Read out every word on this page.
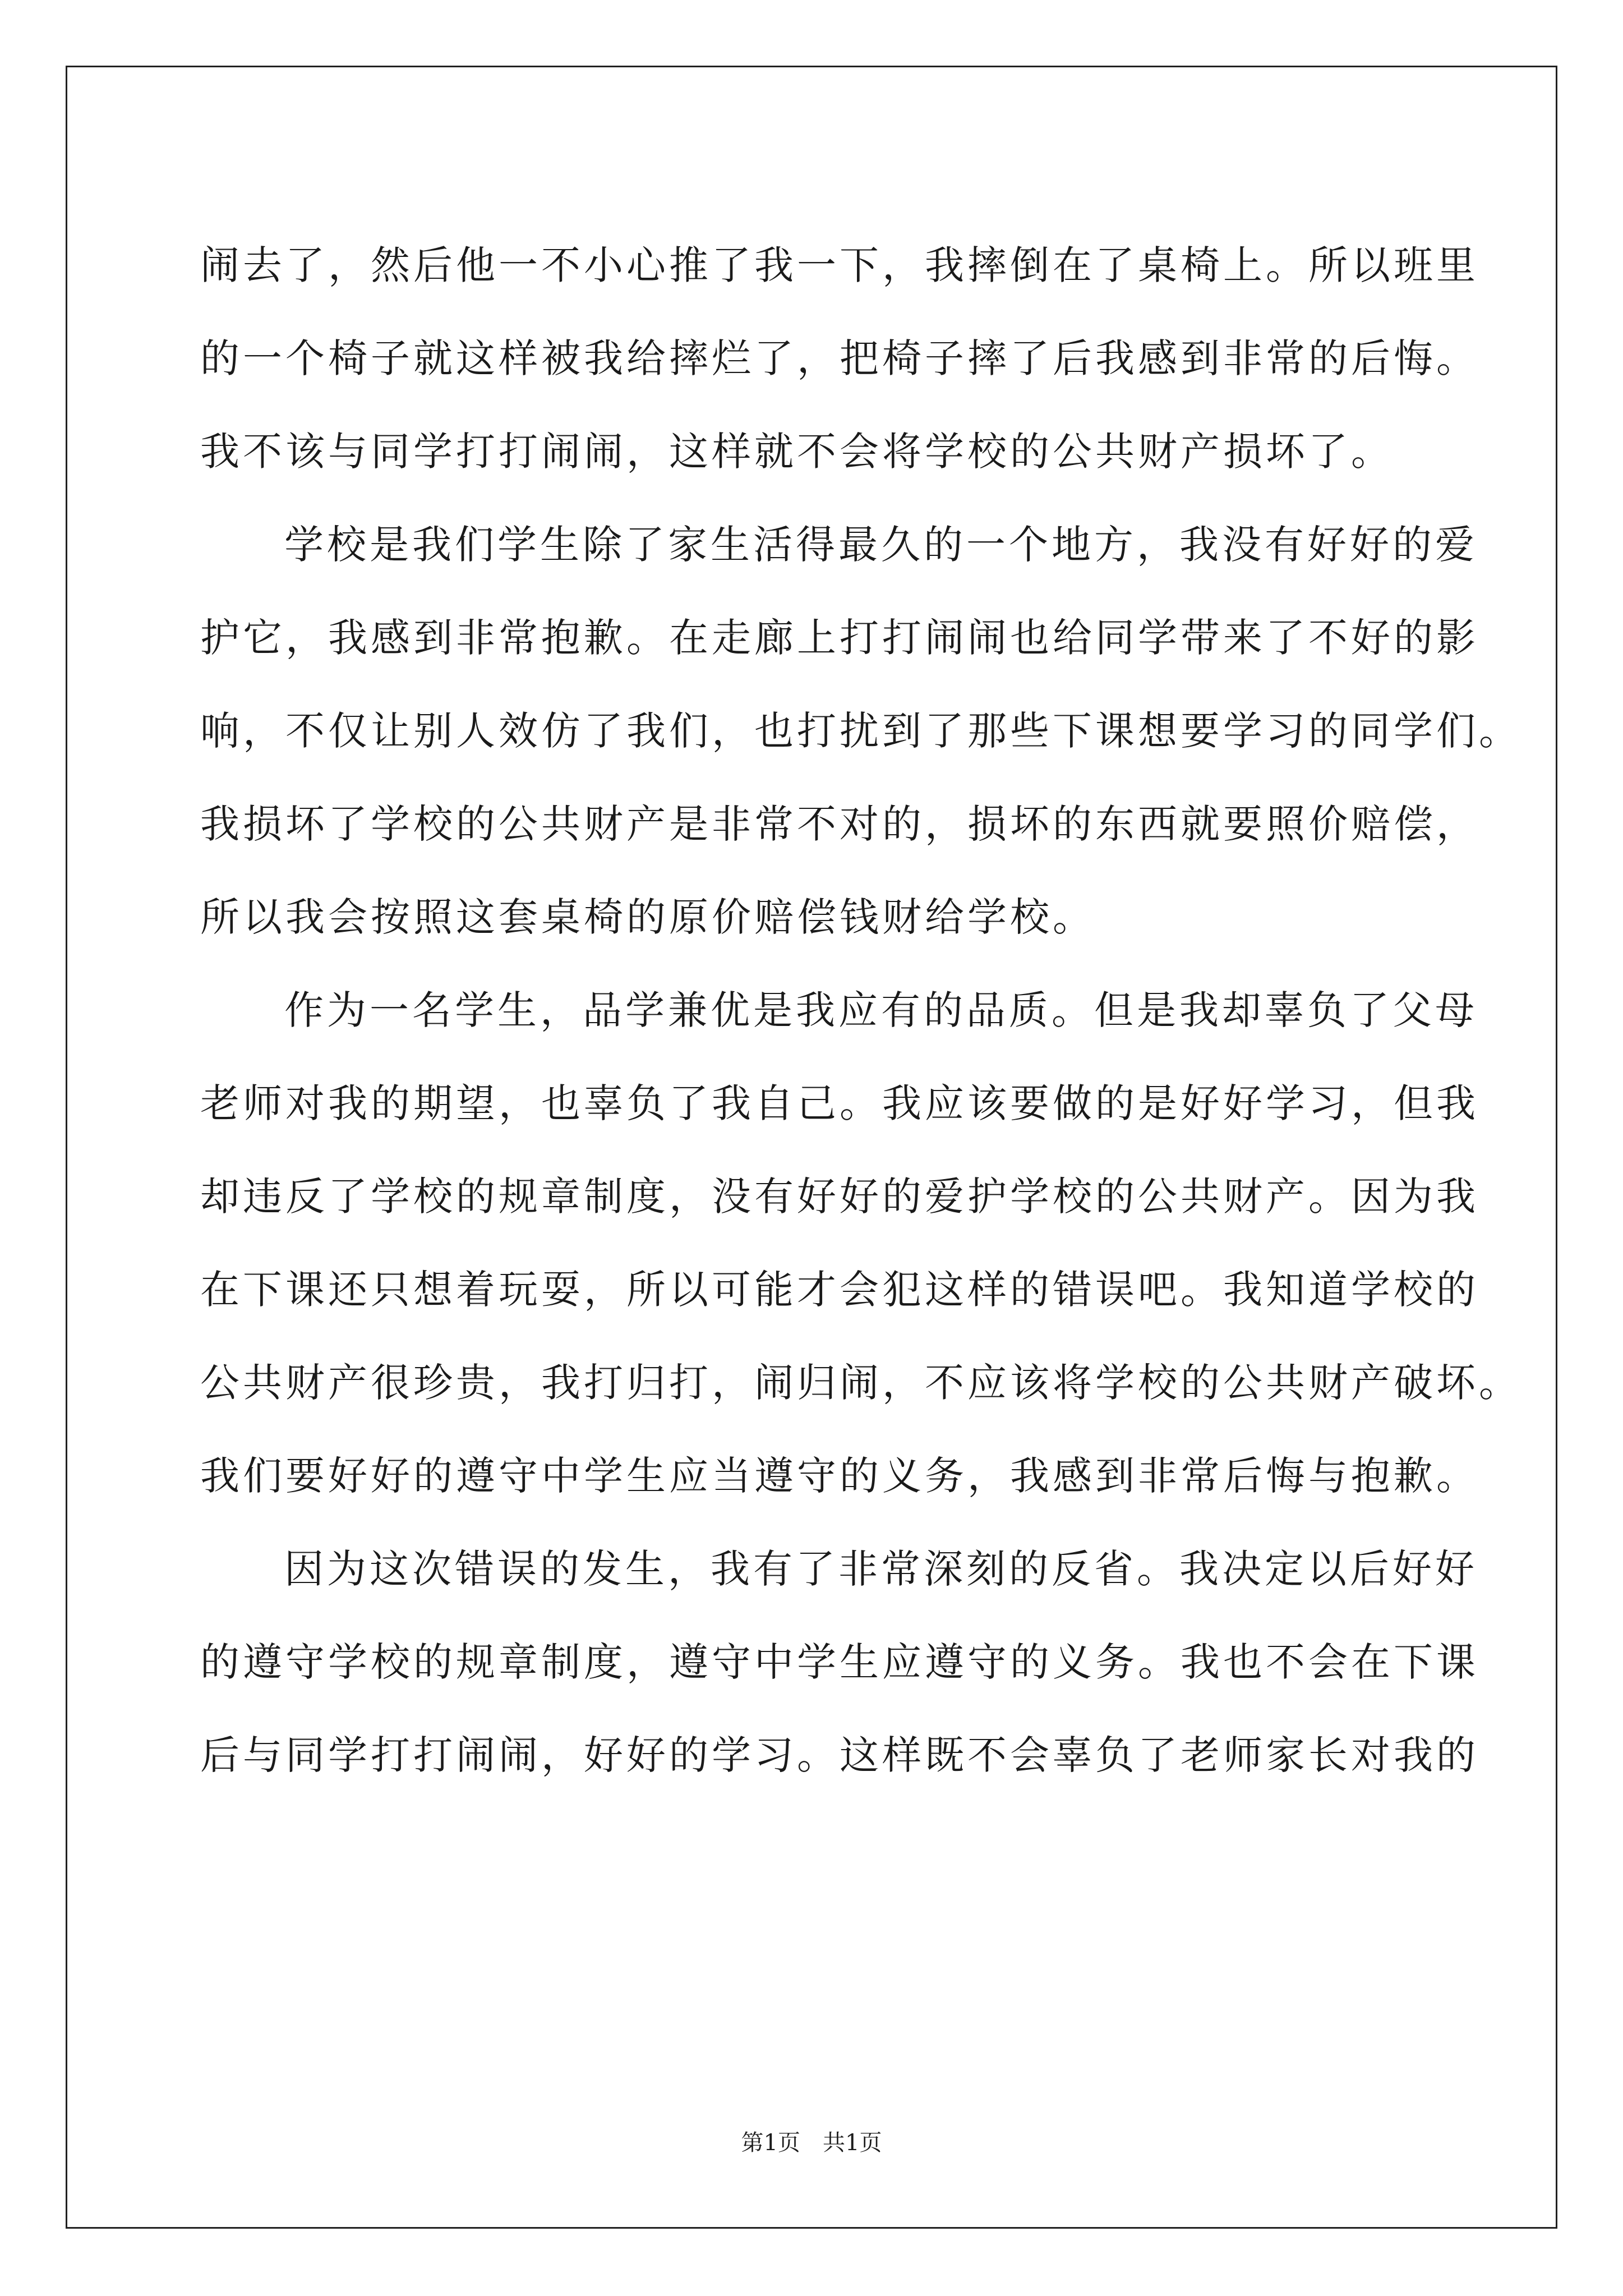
闹去了，然后他一不小心推了我一下，我摔倒在了桌椅上。所以班里
的一个椅子就这样被我给摔烂了，把椅子摔了后我感到非常的后悔。
我不该与同学打打闹闹，这样就不会将学校的公共财产损坏了。
学校是我们学生除了家生活得最久的一个地方，我没有好好的爱
护它，我感到非常抱歉。在走廊上打打闹闹也给同学带来了不好的影
响，不仅让别人效仿了我们，也打扰到了那些下课想要学习的同学们。
我损坏了学校的公共财产是非常不对的，损坏的东西就要照价赔偿，
所以我会按照这套桌椅的原价赔偿钱财给学校。
作为一名学生，品学兼优是我应有的品质。但是我却辜负了父母
老师对我的期望，也辜负了我自己。我应该要做的是好好学习，但我
却违反了学校的规章制度，没有好好的爱护学校的公共财产。因为我
在下课还只想着玩耍，所以可能才会犯这样的错误吧。我知道学校的
公共财产很珍贵，我打归打，闹归闹，不应该将学校的公共财产破坏。
我们要好好的遵守中学生应当遵守的义务，我感到非常后悔与抱歉。
因为这次错误的发生，我有了非常深刻的反省。我决定以后好好
的遵守学校的规章制度，遵守中学生应遵守的义务。我也不会在下课
后与同学打打闹闹，好好的学习。这样既不会辜负了老师家长对我的
第1页 共1页
